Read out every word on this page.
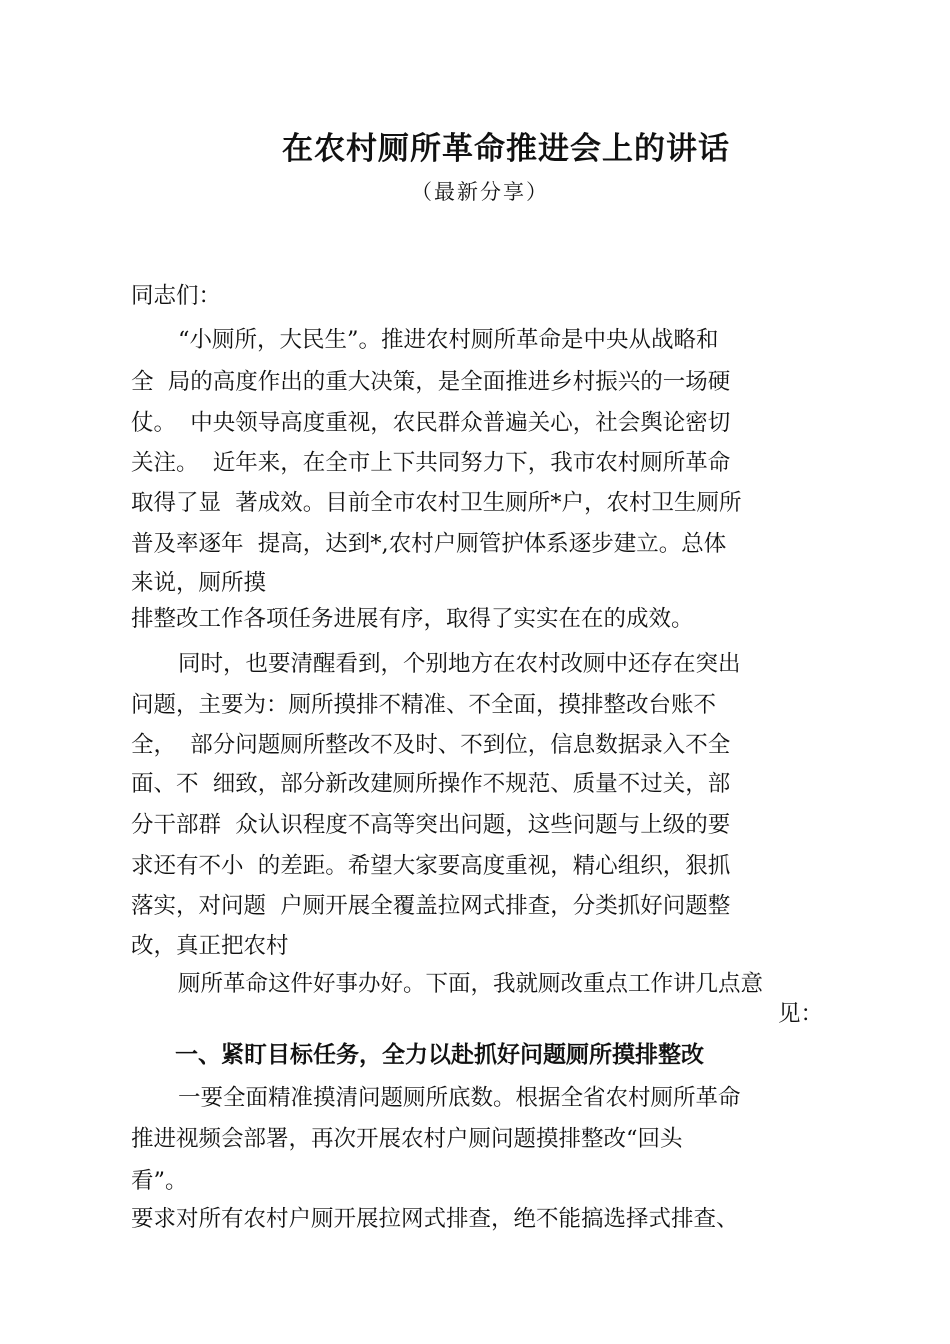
在农村厕所革命推进会上的讲话
（最新分享）
同志们：
“小厕所，大民生”。推进农村厕所革命是中央从战略和
全  局的高度作出的重大决策，是全面推进乡村振兴的一场硬
仗。  中央领导高度重视，农民群众普遍关心，社会舆论密切
关注。  近年来，在全市上下共同努力下，我市农村厕所革命
取得了显  著成效。目前全市农村卫生厕所*户，农村卫生厕所
普及率逐年  提高，达到*,农村户厕管护体系逐步建立。总体
来说，厕所摸
排整改工作各项任务进展有序，取得了实实在在的成效。
同时，也要清醒看到，个别地方在农村改厕中还存在突出
问题，主要为：厕所摸排不精准、不全面，摸排整改台账不
全，  部分问题厕所整改不及时、不到位，信息数据录入不全
面、不  细致，部分新改建厕所操作不规范、质量不过关，部
分干部群  众认识程度不高等突出问题，这些问题与上级的要
求还有不小  的差距。希望大家要高度重视，精心组织，狠抓
落实，对问题  户厕开展全覆盖拉网式排查，分类抓好问题整
改，真正把农村
厕所革命这件好事办好。下面，我就厕改重点工作讲几点意
见：
一、紧盯目标任务，全力以赴抓好问题厕所摸排整改
一要全面精准摸清问题厕所底数。根据全省农村厕所革命
推进视频会部署，再次开展农村户厕问题摸排整改“回头
看”。
要求对所有农村户厕开展拉网式排查，绝不能搞选择式排查、
